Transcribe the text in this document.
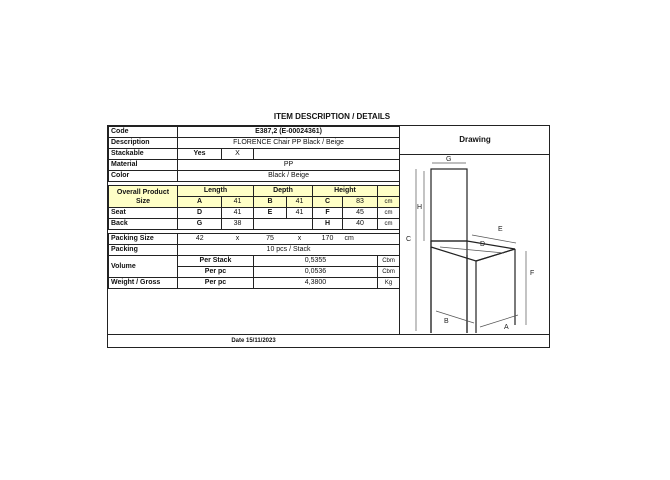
ITEM DESCRIPTION / DETAILS
Code	E387,2 (E-00024361)						
Description	FLORENCE Chair PP Black / Beige						
Stackable	Yes	X					
Material	PP						
Color	Black / Beige						

Overall Product Size	Length		Depth		Height		
	A	41	B	41	C	83	cm
Seat	D	41	E	41	F	45	cm
Back	G	38			H	40	cm

Packing Size	42	x	75	x	170	cm	
Packing	10 pcs / Stack						
Volume	Per Stack		0,5355				Cbm
	Per pc		0,0536				Cbm
Weight / Gross	Per pc		4,3800				Kg
Drawing
G
H
C
F
E
D
B
A
Date 15/11/2023
